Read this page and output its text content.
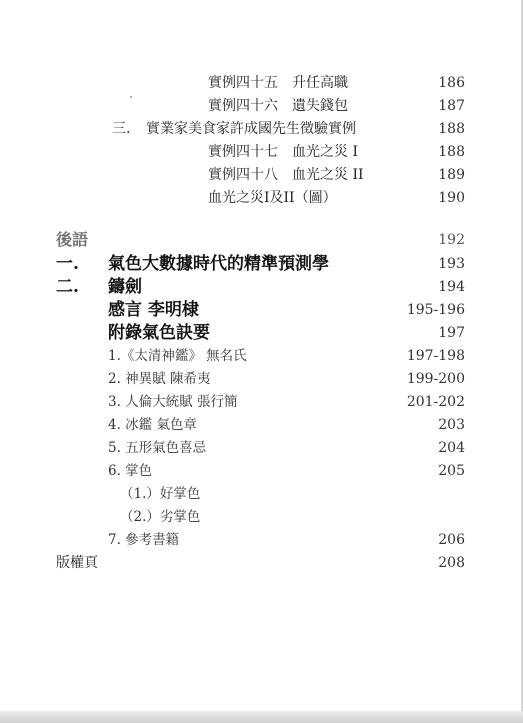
實例四十五 升任高職	186
實例四十六 遺失錢包	187
三. 實業家美食家許成國先生徵驗實例	188
實例四十七 血光之災 I	188
實例四十八 血光之災 II	189
血光之災I及II（圖）	190
後語	192
一. 氣色大數據時代的精準預測學	193
二. 鑄劍	194
感言 李明棣	195-196
附錄氣色訣要	197
1.《太清神鑑》 無名氏	197-198
2. 神異賦 陳希夷	199-200
3. 人倫大統賦 張行簡	201-202
4. 冰鑑 氣色章	203
5. 五形氣色喜忌	204
6. 掌色	205
（1.）好掌色
（2.）劣掌色
7. 參考書籍	206
版權頁	208
